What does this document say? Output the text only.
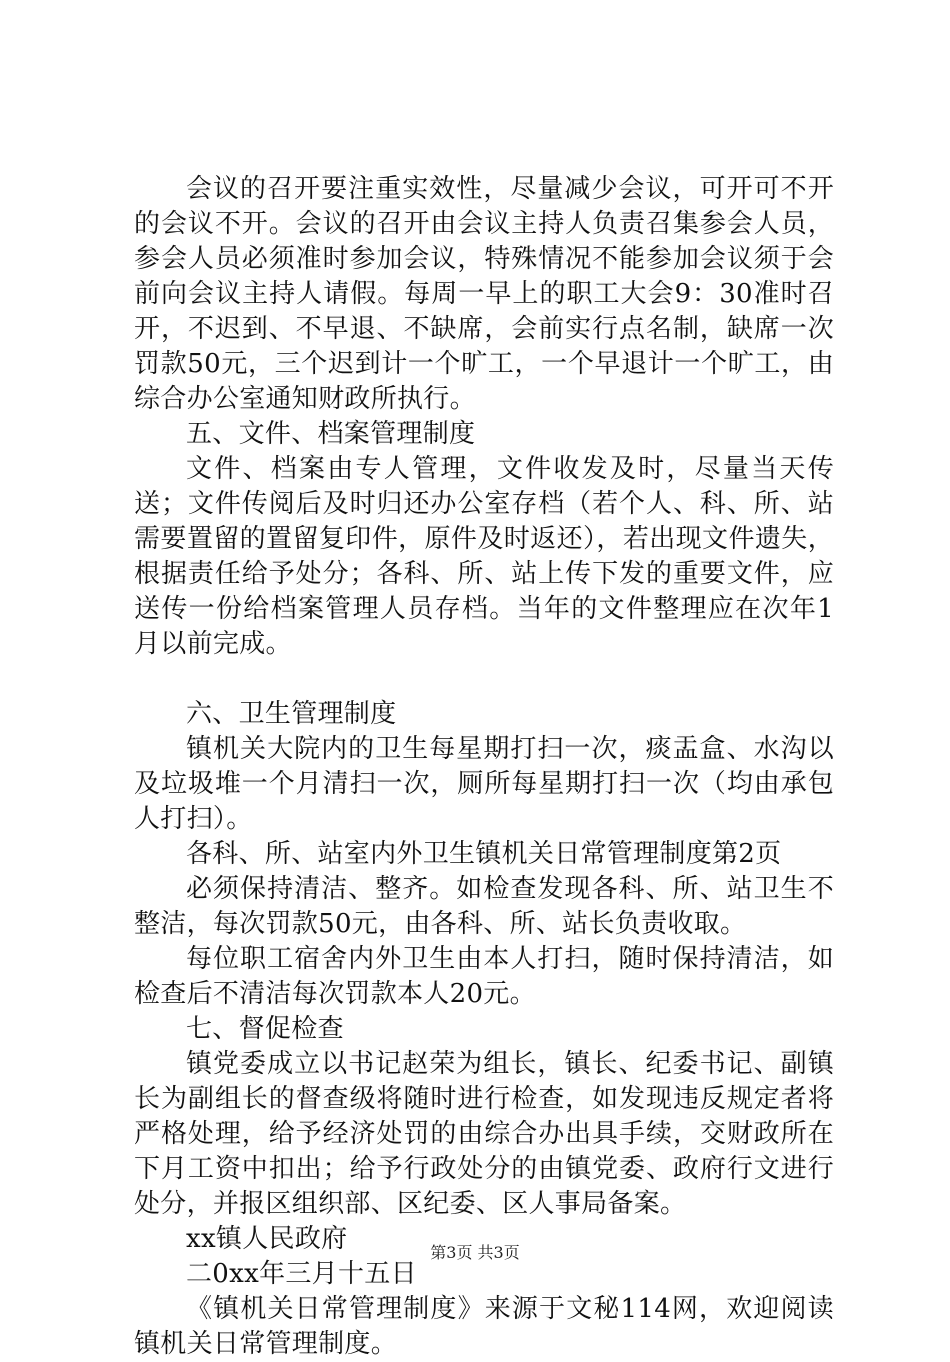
会议的召开要注重实效性，尽量减少会议，可开可不开的会议不开。会议的召开由会议主持人负责召集参会人员，参会人员必须准时参加会议，特殊情况不能参加会议须于会前向会议主持人请假。每周一早上的职工大会9：30准时召开，不迟到、不早退、不缺席，会前实行点名制，缺席一次罚款50元，三个迟到计一个旷工，一个早退计一个旷工，由综合办公室通知财政所执行。

五、文件、档案管理制度

文件、档案由专人管理，文件收发及时，尽量当天传送；文件传阅后及时归还办公室存档（若个人、科、所、站需要置留的置留复印件，原件及时返还），若出现文件遗失，根据责任给予处分；各科、所、站上传下发的重要文件，应送传一份给档案管理人员存档。当年的文件整理应在次年1月以前完成。

六、卫生管理制度

镇机关大院内的卫生每星期打扫一次，痰盂盒、水沟以及垃圾堆一个月清扫一次，厕所每星期打扫一次（均由承包人打扫）。

各科、所、站室内外卫生镇机关日常管理制度第2页

必须保持清洁、整齐。如检查发现各科、所、站卫生不整洁，每次罚款50元，由各科、所、站长负责收取。

每位职工宿舍内外卫生由本人打扫，随时保持清洁，如检查后不清洁每次罚款本人20元。

七、督促检查

镇党委成立以书记赵荣为组长，镇长、纪委书记、副镇长为副组长的督查级将随时进行检查，如发现违反规定者将严格处理，给予经济处罚的由综合办出具手续，交财政所在下月工资中扣出；给予行政处分的由镇党委、政府行文进行处分，并报区组织部、区纪委、区人事局备案。

xx镇人民政府

二0xx年三月十五日

《镇机关日常管理制度》来源于文秘114网，欢迎阅读镇机关日常管理制度。

第3页 共3页
